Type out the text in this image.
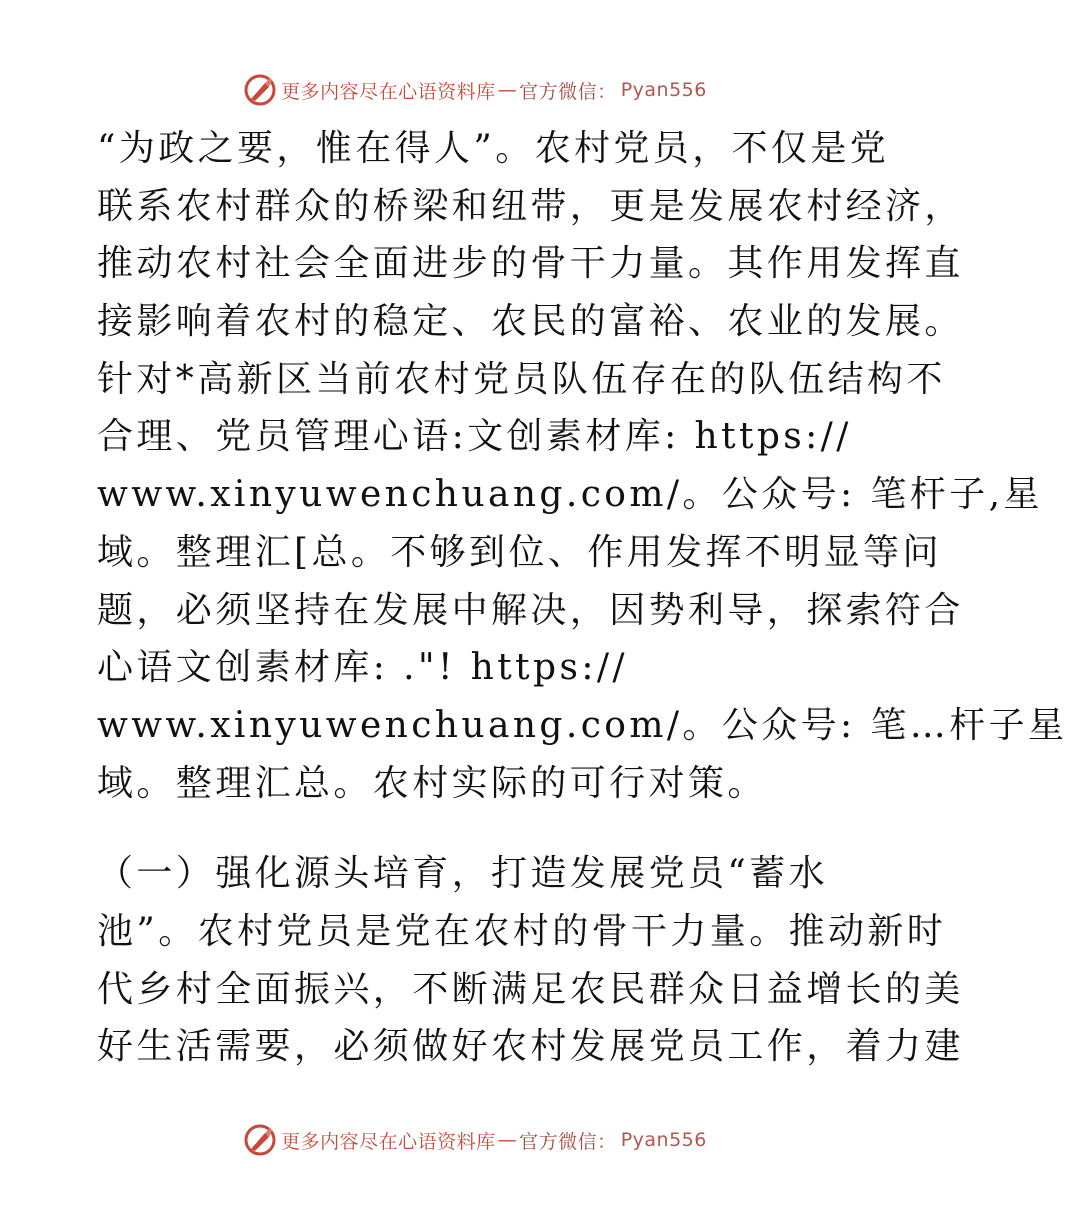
更多内容尽在心语资料库 — 官方微信： Pyan556
“为政之要，惟在得人”。农村党员，不仅是党
联系农村群众的桥梁和纽带，更是发展农村经济，
推动农村社会全面进步的骨干力量。其作用发挥直
接影响着农村的稳定、农民的富裕、农业的发展。
针对*高新区当前农村党员队伍存在的队伍结构不
合理、党员管理心语:文创素材库: https://
www.xinyuwenchuang.com/。公众号: 笔杆子,星
域。整理汇[总。不够到位、作用发挥不明显等问
题，必须坚持在发展中解决，因势利导，探索符合
心语文创素材库: ."! https://
www.xinyuwenchuang.com/。公众号: 笔…杆子星
域。整理汇总。农村实际的可行对策。
（一）强化源头培育，打造发展党员“蓄水
池”。农村党员是党在农村的骨干力量。推动新时
代乡村全面振兴，不断满足农民群众日益增长的美
好生活需要，必须做好农村发展党员工作，着力建
更多内容尽在心语资料库 — 官方微信： Pyan556
